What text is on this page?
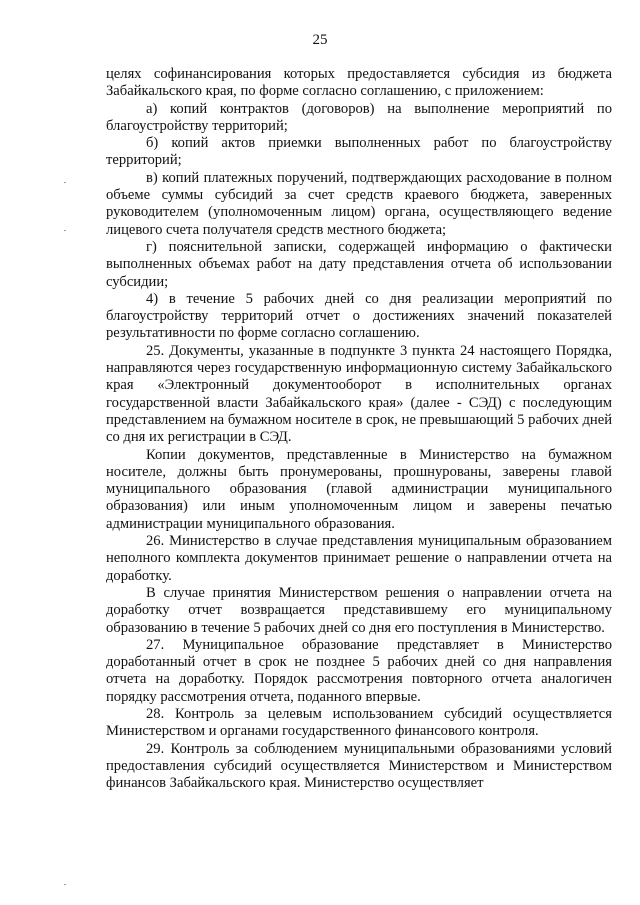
25

целях софинансирования которых предоставляется субсидия из бюджета Забайкальского края, по форме согласно соглашению, с приложением:

а) копий контрактов (договоров) на выполнение мероприятий по благоустройству территорий;

б) копий актов приемки выполненных работ по благоустройству территорий;

в) копий платежных поручений, подтверждающих расходование в полном объеме суммы субсидий за счет средств краевого бюджета, заверенных руководителем (уполномоченным лицом) органа, осуществляющего ведение лицевого счета получателя средств местного бюджета;

г) пояснительной записки, содержащей информацию о фактически выполненных объемах работ на дату представления отчета об использовании субсидии;

4) в течение 5 рабочих дней со дня реализации мероприятий по благоустройству территорий отчет о достижениях значений показателей результативности по форме согласно соглашению.

25. Документы, указанные в подпункте 3 пункта 24 настоящего Порядка, направляются через государственную информационную систему Забайкальского края «Электронный документооборот в исполнительных органах государственной власти Забайкальского края» (далее - СЭД) с последующим представлением на бумажном носителе в срок, не превышающий 5 рабочих дней со дня их регистрации в СЭД.

Копии документов, представленные в Министерство на бумажном носителе, должны быть пронумерованы, прошнурованы, заверены главой муниципального образования (главой администрации муниципального образования) или иным уполномоченным лицом и заверены печатью администрации муниципального образования.

26. Министерство в случае представления муниципальным образованием неполного комплекта документов принимает решение о направлении отчета на доработку.

В случае принятия Министерством решения о направлении отчета на доработку отчет возвращается представившему его муниципальному образованию в течение 5 рабочих дней со дня его поступления в Министерство.

27. Муниципальное образование представляет в Министерство доработанный отчет в срок не позднее 5 рабочих дней со дня направления отчета на доработку. Порядок рассмотрения повторного отчета аналогичен порядку рассмотрения отчета, поданного впервые.

28. Контроль за целевым использованием субсидий осуществляется Министерством и органами государственного финансового контроля.

29. Контроль за соблюдением муниципальными образованиями условий предоставления субсидий осуществляется Министерством и Министерством финансов Забайкальского края. Министерство осуществляет
